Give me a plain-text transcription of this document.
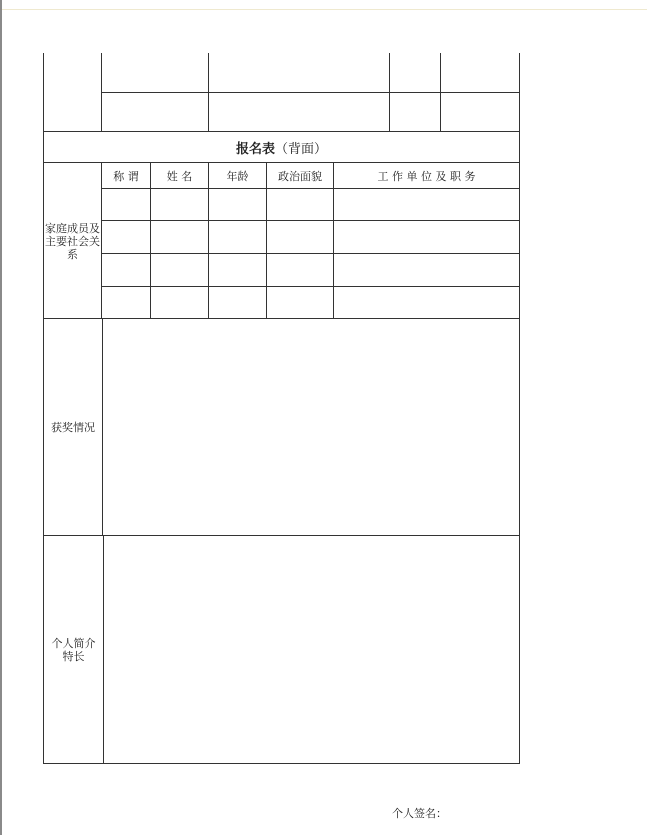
报名表 （背面）
家庭成员及
主要社会关
系
称 谓	姓 名	年龄	政治面貌	工 作 单 位 及 职 务
获奖情况
个人简介
特长
个人签名：
